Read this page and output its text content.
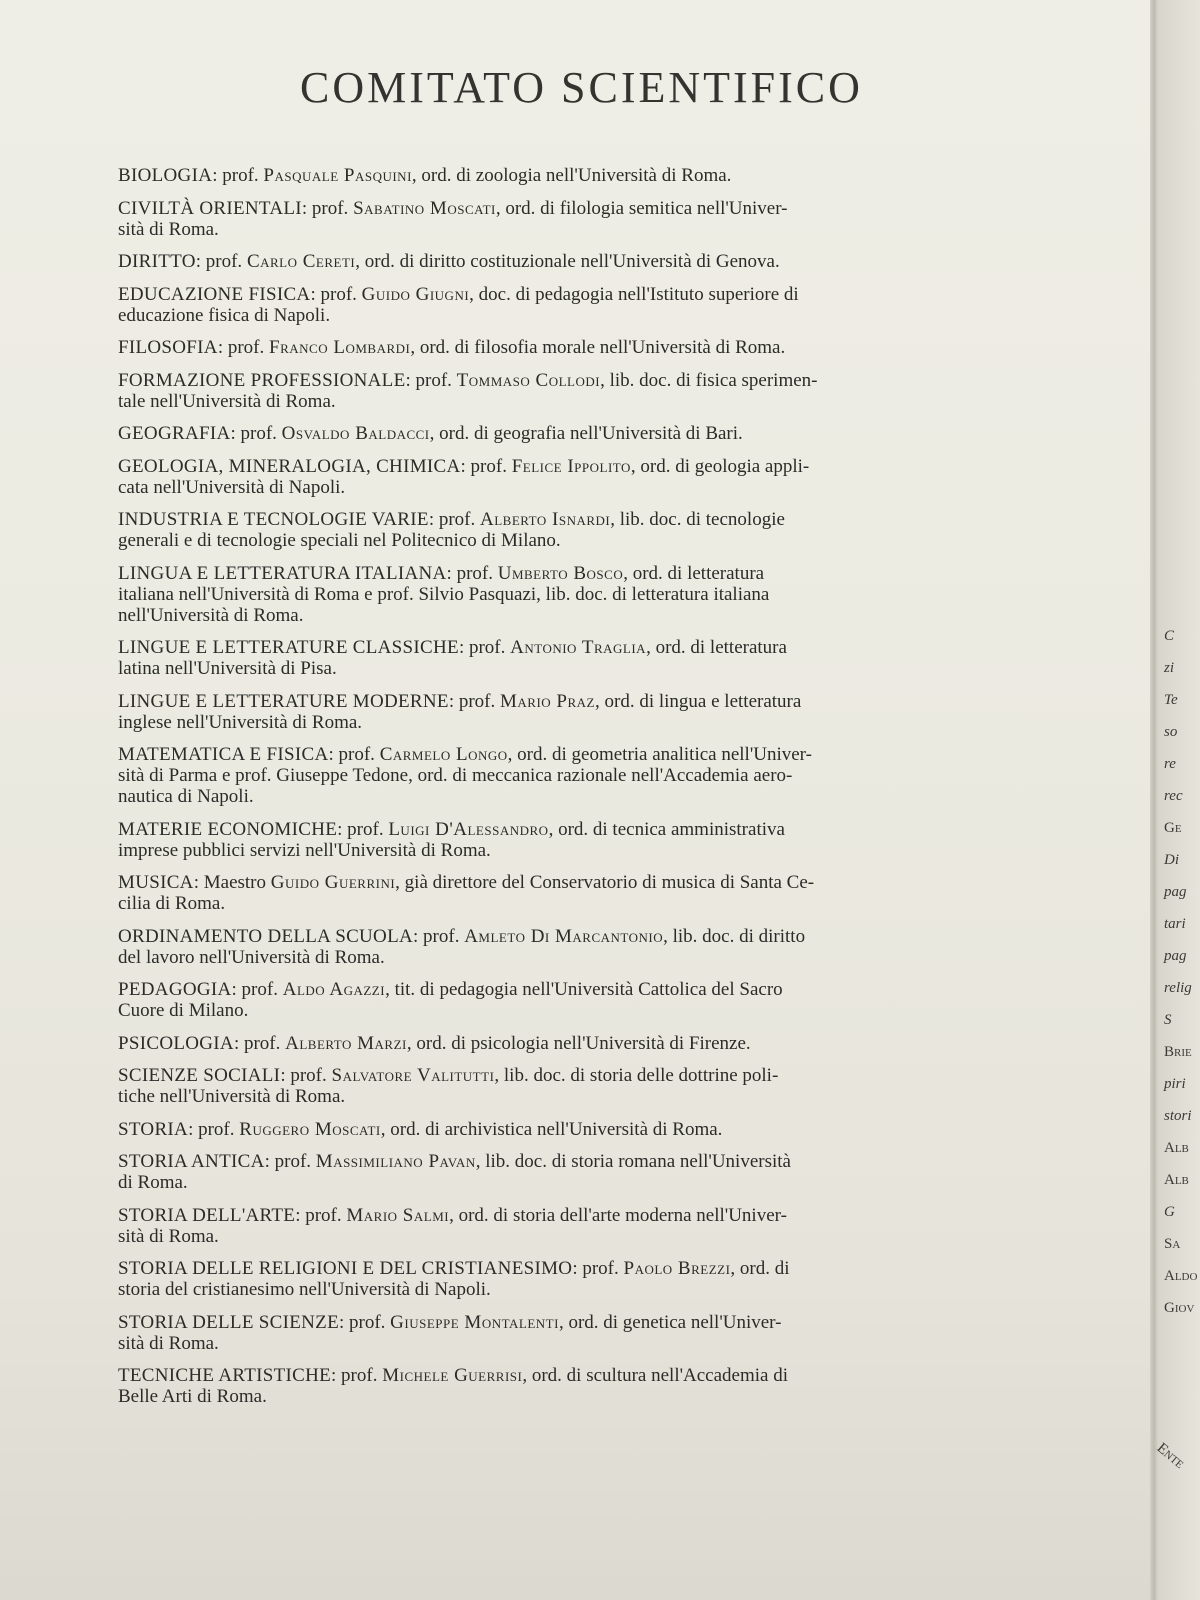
COMITATO SCIENTIFICO

BIOLOGIA: prof. Pasquale Pasquini, ord. di zoologia nell'Università di Roma.

CIVILTÀ ORIENTALI: prof. Sabatino Moscati, ord. di filologia semitica nell'Univer-
sità di Roma.

DIRITTO: prof. Carlo Cereti, ord. di diritto costituzionale nell'Università di Genova.

EDUCAZIONE FISICA: prof. Guido Giugni, doc. di pedagogia nell'Istituto superiore di
educazione fisica di Napoli.

FILOSOFIA: prof. Franco Lombardi, ord. di filosofia morale nell'Università di Roma.

FORMAZIONE PROFESSIONALE: prof. Tommaso Collodi, lib. doc. di fisica sperimen-
tale nell'Università di Roma.

GEOGRAFIA: prof. Osvaldo Baldacci, ord. di geografia nell'Università di Bari.

GEOLOGIA, MINERALOGIA, CHIMICA: prof. Felice Ippolito, ord. di geologia appli-
cata nell'Università di Napoli.

INDUSTRIA E TECNOLOGIE VARIE: prof. Alberto Isnardi, lib. doc. di tecnologie
generali e di tecnologie speciali nel Politecnico di Milano.

LINGUA E LETTERATURA ITALIANA: prof. Umberto Bosco, ord. di letteratura
italiana nell'Università di Roma e prof. Silvio Pasquazi, lib. doc. di letteratura italiana
nell'Università di Roma.

LINGUE E LETTERATURE CLASSICHE: prof. Antonio Traglia, ord. di letteratura
latina nell'Università di Pisa.

LINGUE E LETTERATURE MODERNE: prof. Mario Praz, ord. di lingua e letteratura
inglese nell'Università di Roma.

MATEMATICA E FISICA: prof. Carmelo Longo, ord. di geometria analitica nell'Univer-
sità di Parma e prof. Giuseppe Tedone, ord. di meccanica razionale nell'Accademia aero-
nautica di Napoli.

MATERIE ECONOMICHE: prof. Luigi D'Alessandro, ord. di tecnica amministrativa
imprese pubblici servizi nell'Università di Roma.

MUSICA: Maestro Guido Guerrini, già direttore del Conservatorio di musica di Santa Ce-
cilia di Roma.

ORDINAMENTO DELLA SCUOLA: prof. Amleto Di Marcantonio, lib. doc. di diritto
del lavoro nell'Università di Roma.

PEDAGOGIA: prof. Aldo Agazzi, tit. di pedagogia nell'Università Cattolica del Sacro
Cuore di Milano.

PSICOLOGIA: prof. Alberto Marzi, ord. di psicologia nell'Università di Firenze.

SCIENZE SOCIALI: prof. Salvatore Valitutti, lib. doc. di storia delle dottrine poli-
tiche nell'Università di Roma.

STORIA: prof. Ruggero Moscati, ord. di archivistica nell'Università di Roma.

STORIA ANTICA: prof. Massimiliano Pavan, lib. doc. di storia romana nell'Università
di Roma.

STORIA DELL'ARTE: prof. Mario Salmi, ord. di storia dell'arte moderna nell'Univer-
sità di Roma.

STORIA DELLE RELIGIONI E DEL CRISTIANESIMO: prof. Paolo Brezzi, ord. di
storia del cristianesimo nell'Università di Napoli.

STORIA DELLE SCIENZE: prof. Giuseppe Montalenti, ord. di genetica nell'Univer-
sità di Roma.

TECNICHE ARTISTICHE: prof. Michele Guerrisi, ord. di scultura nell'Accademia di
Belle Arti di Roma.

C
zi
Te
so
re
rec
Ge
Di
pag
tari
pag
relig
S
Brie
piri
stori
Alb
Alb
G
Sa
Aldo
Giov
Ente
